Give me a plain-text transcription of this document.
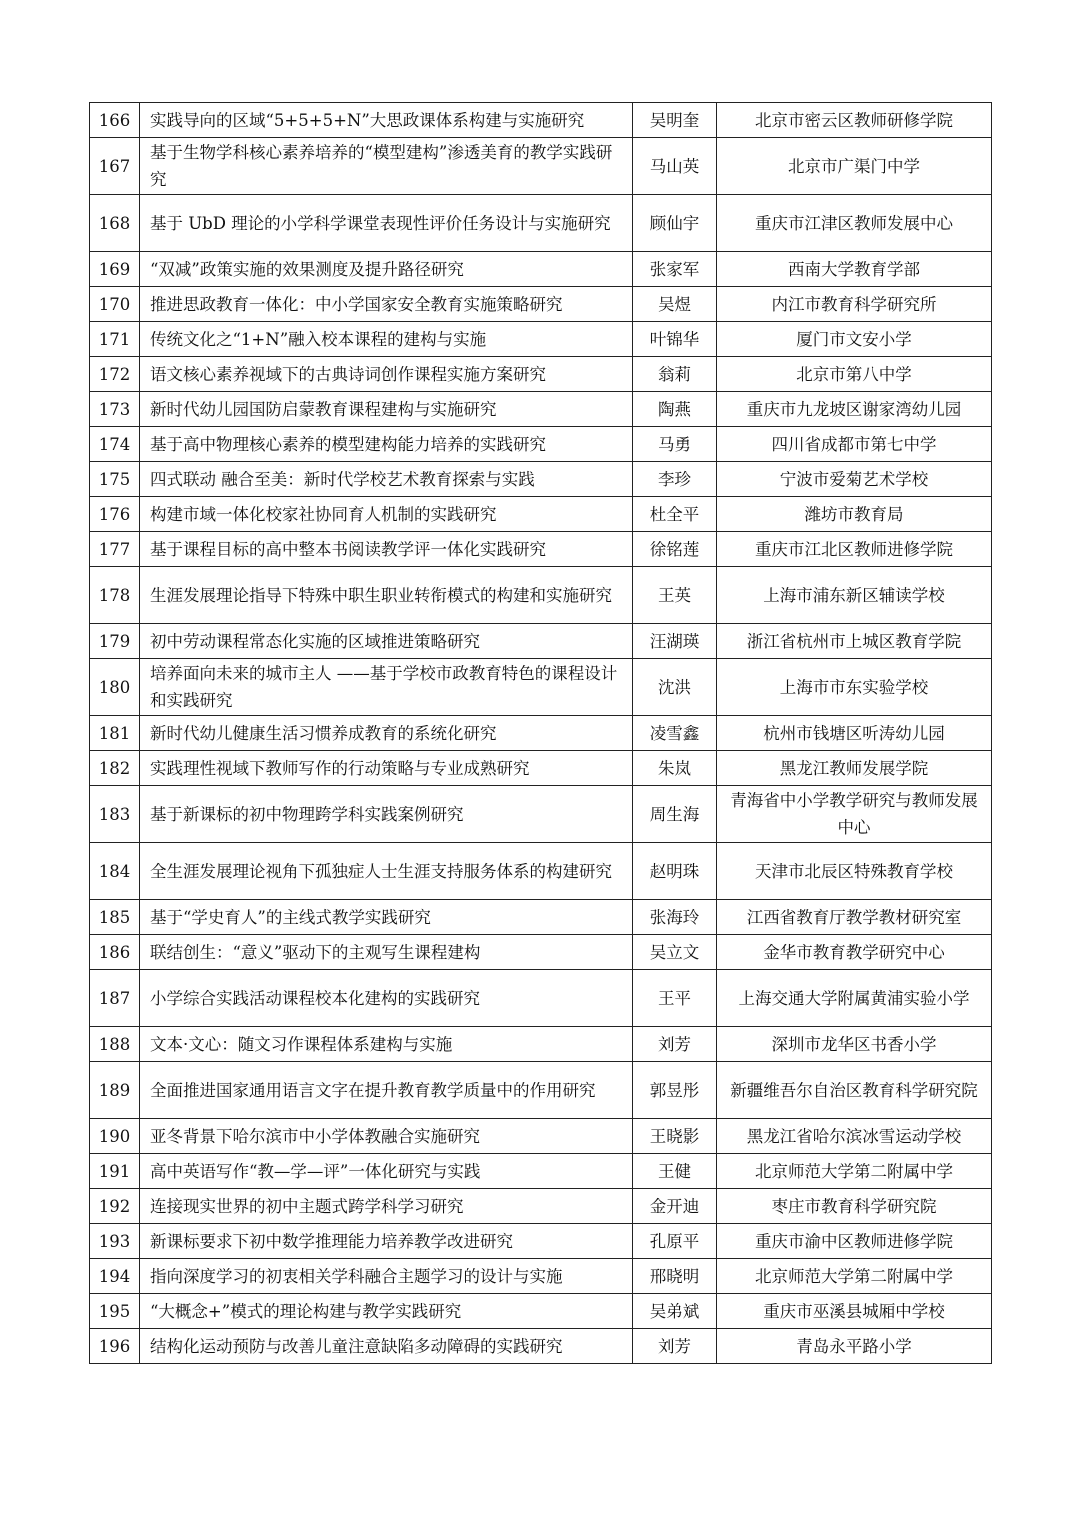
166	实践导向的区域“5+5+5+N”大思政课体系构建与实施研究	吴明奎	北京市密云区教师研修学院
167	基于生物学科核心素养培养的“模型建构”渗透美育的教学实践研究	马山英	北京市广渠门中学
168	基于 UbD 理论的小学科学课堂表现性评价任务设计与实施研究	顾仙宇	重庆市江津区教师发展中心
169	“双减”政策实施的效果测度及提升路径研究	张家军	西南大学教育学部
170	推进思政教育一体化：中小学国家安全教育实施策略研究	吴煜	内江市教育科学研究所
171	传统文化之“1+N”融入校本课程的建构与实施	叶锦华	厦门市文安小学
172	语文核心素养视域下的古典诗词创作课程实施方案研究	翁莉	北京市第八中学
173	新时代幼儿园国防启蒙教育课程建构与实施研究	陶燕	重庆市九龙坡区谢家湾幼儿园
174	基于高中物理核心素养的模型建构能力培养的实践研究	马勇	四川省成都市第七中学
175	四式联动 融合至美：新时代学校艺术教育探索与实践	李珍	宁波市爱菊艺术学校
176	构建市域一体化校家社协同育人机制的实践研究	杜全平	潍坊市教育局
177	基于课程目标的高中整本书阅读教学评一体化实践研究	徐铭莲	重庆市江北区教师进修学院
178	生涯发展理论指导下特殊中职生职业转衔模式的构建和实施研究	王英	上海市浦东新区辅读学校
179	初中劳动课程常态化实施的区域推进策略研究	汪湖瑛	浙江省杭州市上城区教育学院
180	培养面向未来的城市主人 ——基于学校市政教育特色的课程设计和实践研究	沈洪	上海市市东实验学校
181	新时代幼儿健康生活习惯养成教育的系统化研究	凌雪鑫	杭州市钱塘区听涛幼儿园
182	实践理性视域下教师写作的行动策略与专业成熟研究	朱岚	黑龙江教师发展学院
183	基于新课标的初中物理跨学科实践案例研究	周生海	青海省中小学教学研究与教师发展中心
184	全生涯发展理论视角下孤独症人士生涯支持服务体系的构建研究	赵明珠	天津市北辰区特殊教育学校
185	基于“学史育人”的主线式教学实践研究	张海玲	江西省教育厅教学教材研究室
186	联结创生：“意义”驱动下的主观写生课程建构	吴立文	金华市教育教学研究中心
187	小学综合实践活动课程校本化建构的实践研究	王平	上海交通大学附属黄浦实验小学
188	文本·文心：随文习作课程体系建构与实施	刘芳	深圳市龙华区书香小学
189	全面推进国家通用语言文字在提升教育教学质量中的作用研究	郭昱彤	新疆维吾尔自治区教育科学研究院
190	亚冬背景下哈尔滨市中小学体教融合实施研究	王晓影	黑龙江省哈尔滨冰雪运动学校
191	高中英语写作“教—学—评”一体化研究与实践	王健	北京师范大学第二附属中学
192	连接现实世界的初中主题式跨学科学习研究	金开迪	枣庄市教育科学研究院
193	新课标要求下初中数学推理能力培养教学改进研究	孔原平	重庆市渝中区教师进修学院
194	指向深度学习的初衷相关学科融合主题学习的设计与实施	邢晓明	北京师范大学第二附属中学
195	“大概念+”模式的理论构建与教学实践研究	吴弟斌	重庆市巫溪县城厢中学校
196	结构化运动预防与改善儿童注意缺陷多动障碍的实践研究	刘芳	青岛永平路小学
